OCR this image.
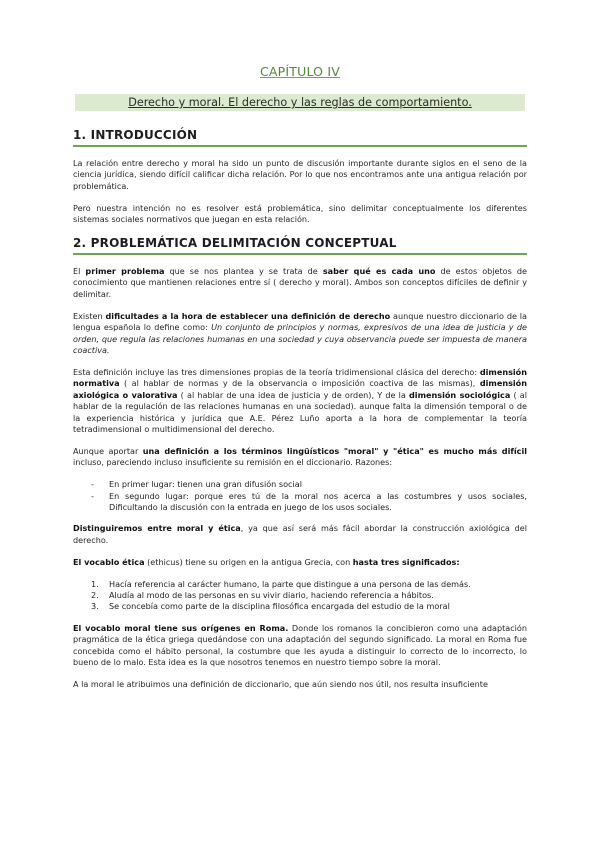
CAPÍTULO IV
Derecho y moral. El derecho y las reglas de comportamiento.
1. INTRODUCCIÓN

La relación entre derecho y moral ha sido un punto de discusión importante durante siglos en el seno de la ciencia jurídica, siendo difícil calificar dicha relación. Por lo que nos encontramos ante una antigua relación por problemática.

Pero nuestra intención no es resolver está problemática, sino delimitar conceptualmente los diferentes sistemas sociales normativos que juegan en esta relación.

2. PROBLEMÁTICA DELIMITACIÓN CONCEPTUAL

El primer problema que se nos plantea y se trata de saber qué es cada uno de estos objetos de conocimiento que mantienen relaciones entre sí ( derecho y moral). Ambos son conceptos difíciles de definir y delimitar.

Existen dificultades a la hora de establecer una definición de derecho aunque nuestro diccionario de la lengua española lo define como: Un conjunto de principios y normas, expresivos de una idea de justicia y de orden, que regula las relaciones humanas en una sociedad y cuya observancia puede ser impuesta de manera coactiva.

Esta definición incluye las tres dimensiones propias de la teoría tridimensional clásica del derecho: dimensión normativa ( al hablar de normas y de la observancia o imposición coactiva de las mismas), dimensión axiológica o valorativa ( al hablar de una idea de justicia y de orden), Y de la dimensión sociológica ( al hablar de la regulación de las relaciones humanas en una sociedad). aunque falta la dimensión temporal o de la experiencia histórica y jurídica que A.E. Pérez Luño aporta a la hora de complementar la teoría tetradimensional o multidimensional del derecho.

Aunque aportar una definición a los términos lingüísticos "moral" y "ética" es mucho más difícil incluso, pareciendo incluso insuficiente su remisión en el diccionario. Razones:

- En primer lugar: tienen una gran difusión social
- En segundo lugar: porque eres tú de la moral nos acerca a las costumbres y usos sociales, Dificultando la discusión con la entrada en juego de los usos sociales.

Distinguiremos entre moral y ética, ya que así será más fácil abordar la construcción axiológica del derecho.

El vocablo ética (ethicus) tiene su origen en la antigua Grecia, con hasta tres significados:

1. Hacía referencia al carácter humano, la parte que distingue a una persona de las demás.
2. Aludía al modo de las personas en su vivir diario, haciendo referencia a hábitos.
3. Se concebía como parte de la disciplina filosófica encargada del estudio de la moral

El vocablo moral tiene sus orígenes en Roma. Donde los romanos la concibieron como una adaptación pragmática de la ética griega quedándose con una adaptación del segundo significado. La moral en Roma fue concebida como el hábito personal, la costumbre que les ayuda a distinguir lo correcto de lo incorrecto, lo bueno de lo malo. Esta idea es la que nosotros tenemos en nuestro tiempo sobre la moral.

A la moral le atribuimos una definición de diccionario, que aún siendo nos útil, nos resulta insuficiente
